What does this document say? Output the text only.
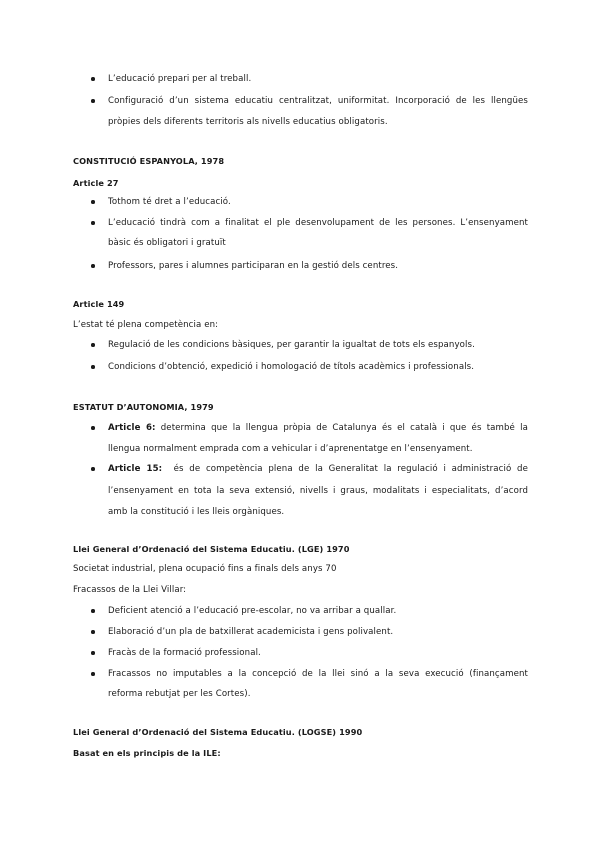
L’educació prepari per al treball.
Configuració d’un sistema educatiu centralitzat, uniformitat. Incorporació de les llengües
pròpies dels diferents territoris als nivells educatius obligatoris.
CONSTITUCIÓ ESPANYOLA, 1978
Article 27
Tothom té dret a l’educació.
L’educació tindrà com a finalitat el ple desenvolupament de les persones. L’ensenyament
bàsic és obligatori i gratuït
Professors, pares i alumnes participaran en la gestió dels centres.
Article 149
L’estat té plena competència en:
Regulació de les condicions bàsiques, per garantir la igualtat de tots els espanyols.
Condicions d’obtenció, expedició i homologació de títols acadèmics i professionals.
ESTATUT D’AUTONOMIA, 1979
Article 6: determina que la llengua pròpia de Catalunya és el català i que és també la
llengua normalment emprada com a vehicular i d’aprenentatge en l’ensenyament.
Article 15: és de competència plena de la Generalitat la regulació i administració de
l’ensenyament en tota la seva extensió, nivells i graus, modalitats i especialitats, d’acord
amb la constitució i les lleis orgàniques.
Llei General d’Ordenació del Sistema Educatiu. (LGE) 1970
Societat industrial, plena ocupació fins a finals dels anys 70
Fracassos de la Llei Villar:
Deficient atenció a l’educació pre-escolar, no va arribar a quallar.
Elaboració d’un pla de batxillerat academicista i gens polivalent.
Fracàs de la formació professional.
Fracassos no imputables a la concepció de la llei sinó a la seva execució (finançament
reforma rebutjat per les Cortes).
Llei General d’Ordenació del Sistema Educatiu. (LOGSE) 1990
Basat en els principis de la ILE:
